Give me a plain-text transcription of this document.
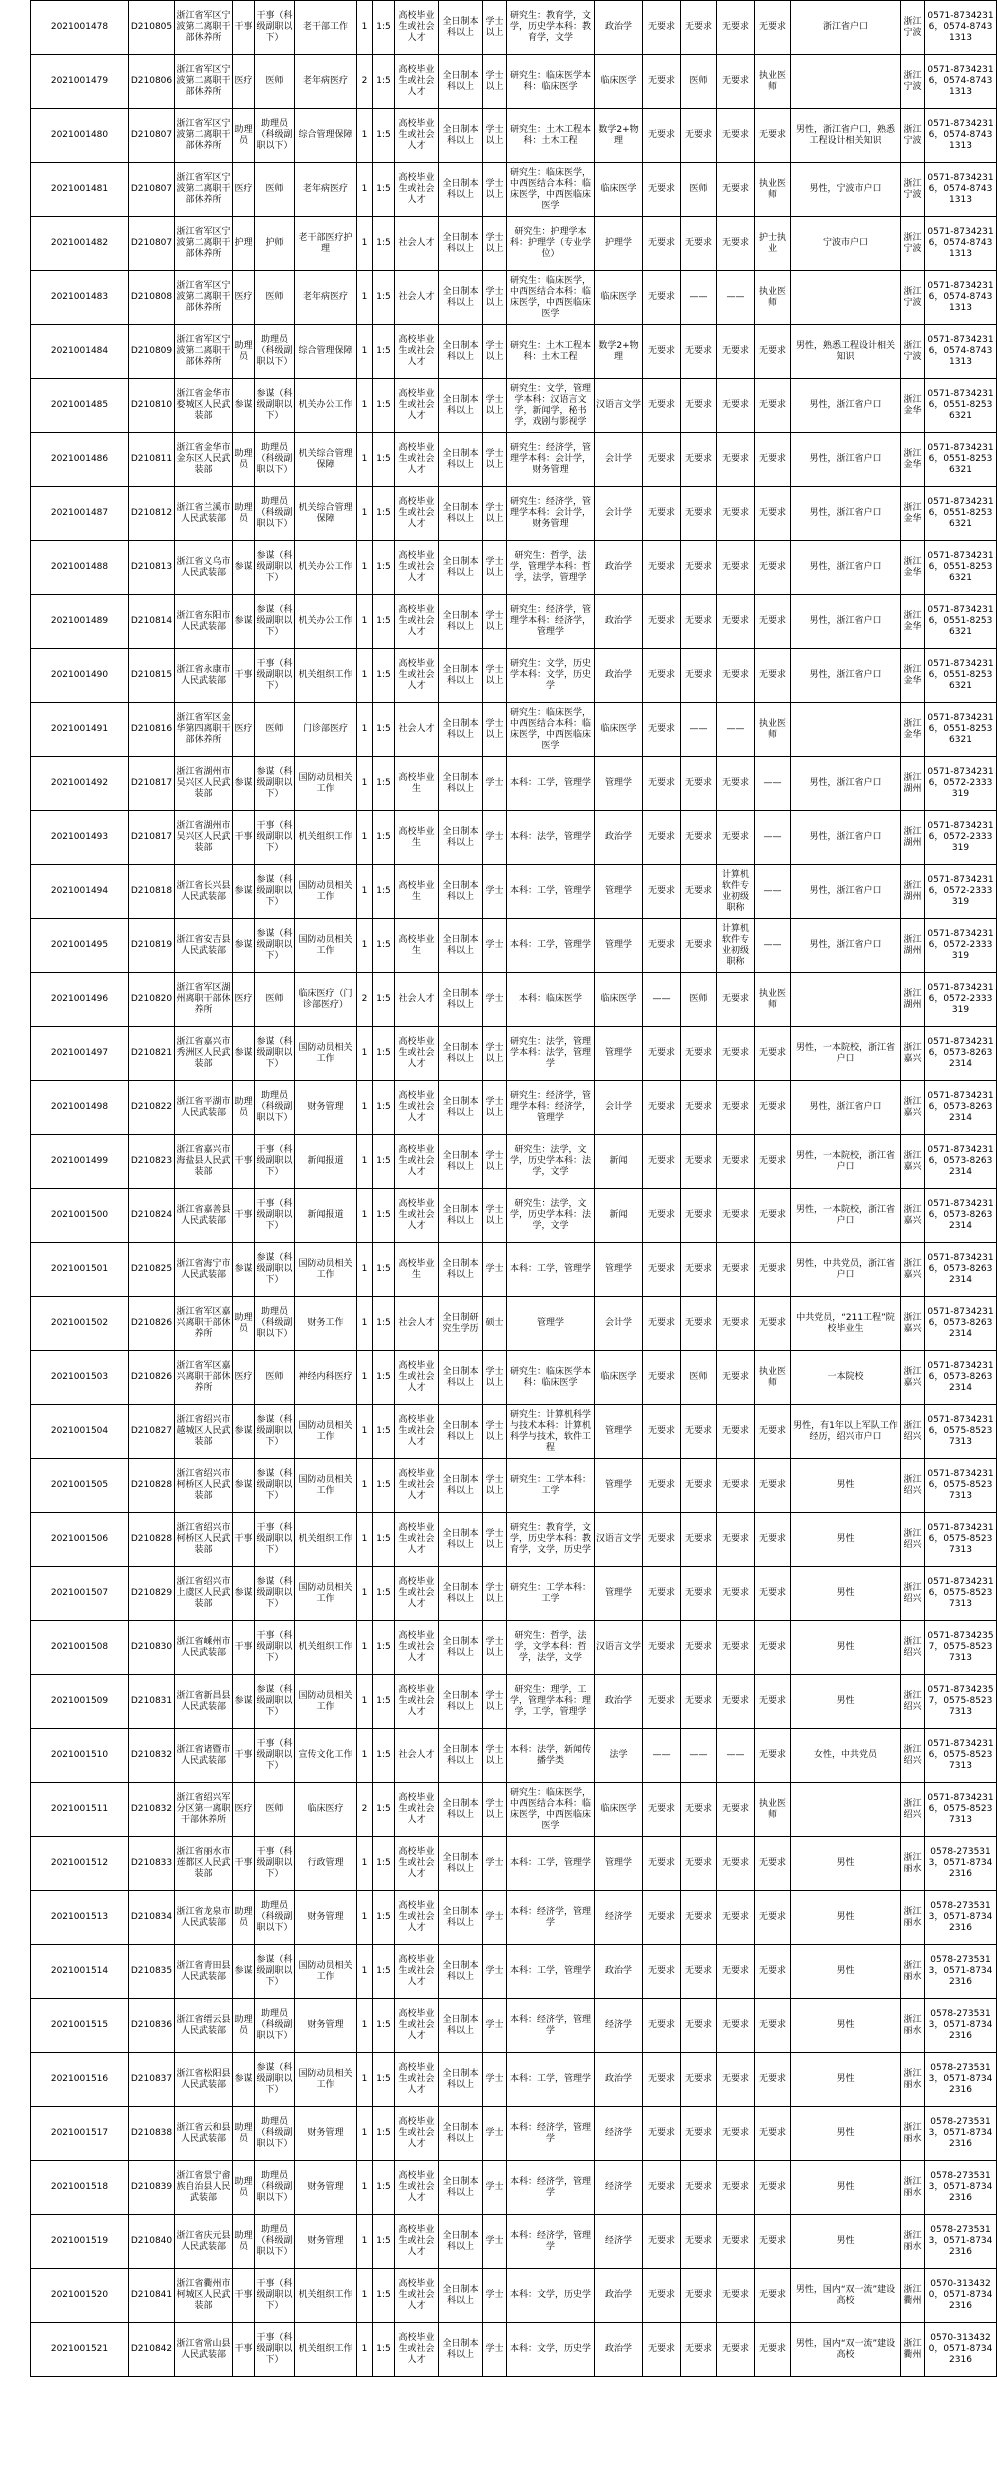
2021001478	D210805	浙江省军区宁波第二离职干部休养所	干事	干事（科级副职以下）	老干部工作	1	1:5	高校毕业生或社会人才	全日制本科以上	学士以上	研究生：教育学，文学，历史学本科：教育学，文学	政治学	无要求	无要求	无要求	无要求	浙江省户口	浙江宁波	0571-87342316，0574-87431313
2021001479	D210806	浙江省军区宁波第二离职干部休养所	医疗	医师	老年病医疗	2	1:5	高校毕业生或社会人才	全日制本科以上	学士以上	研究生：临床医学本科：临床医学	临床医学	无要求	医师	无要求	执业医师		浙江宁波	0571-87342316，0574-87431313
2021001480	D210807	浙江省军区宁波第二离职干部休养所	助理员	助理员（科级副职以下）	综合管理保障	1	1:5	高校毕业生或社会人才	全日制本科以上	学士以上	研究生：土木工程本科：土木工程	数学2+物理	无要求	无要求	无要求	无要求	男性，浙江省户口，熟悉工程设计相关知识	浙江宁波	0571-87342316，0574-87431313
2021001481	D210807	浙江省军区宁波第二离职干部休养所	医疗	医师	老年病医疗	1	1:5	高校毕业生或社会人才	全日制本科以上	学士以上	研究生：临床医学，中西医结合本科：临床医学，中西医临床医学	临床医学	无要求	医师	无要求	执业医师	男性，宁波市户口	浙江宁波	0571-87342316，0574-87431313
2021001482	D210807	浙江省军区宁波第二离职干部休养所	护理	护师	老干部医疗护理	1	1:5	社会人才	全日制本科以上	学士以上	研究生：护理学本科：护理学（专业学位）	护理学	无要求	无要求	无要求	护士执业	宁波市户口	浙江宁波	0571-87342316，0574-87431313
2021001483	D210808	浙江省军区宁波第二离职干部休养所	医疗	医师	老年病医疗	1	1:5	社会人才	全日制本科以上	学士以上	研究生：临床医学，中西医结合本科：临床医学，中西医临床医学	临床医学	无要求	——	——	执业医师		浙江宁波	0571-87342316，0574-87431313
2021001484	D210809	浙江省军区宁波第二离职干部休养所	助理员	助理员（科级副职以下）	综合管理保障	1	1:5	高校毕业生或社会人才	全日制本科以上	学士以上	研究生：土木工程本科：土木工程	数学2+物理	无要求	无要求	无要求	无要求	男性，熟悉工程设计相关知识	浙江宁波	0571-87342316，0574-87431313
2021001485	D210810	浙江省金华市婺城区人民武装部	参谋	参谋（科级副职以下）	机关办公工作	1	1:5	高校毕业生或社会人才	全日制本科以上	学士以上	研究生：文学，管理学本科：汉语言文学，新闻学，秘书学，戏剧与影视学	汉语言文学	无要求	无要求	无要求	无要求	男性，浙江省户口	浙江金华	0571-87342316，0551-82536321
2021001486	D210811	浙江省金华市金东区人民武装部	助理员	助理员（科级副职以下）	机关综合管理保障	1	1:5	高校毕业生或社会人才	全日制本科以上	学士以上	研究生：经济学，管理学本科：会计学，财务管理	会计学	无要求	无要求	无要求	无要求	男性，浙江省户口	浙江金华	0571-87342316，0551-82536321
2021001487	D210812	浙江省兰溪市人民武装部	助理员	助理员（科级副职以下）	机关综合管理保障	1	1:5	高校毕业生或社会人才	全日制本科以上	学士以上	研究生：经济学，管理学本科：会计学，财务管理	会计学	无要求	无要求	无要求	无要求	男性，浙江省户口	浙江金华	0571-87342316，0551-82536321
2021001488	D210813	浙江省义乌市人民武装部	参谋	参谋（科级副职以下）	机关办公工作	1	1:5	高校毕业生或社会人才	全日制本科以上	学士以上	研究生：哲学，法学，管理学本科：哲学，法学，管理学	政治学	无要求	无要求	无要求	无要求	男性，浙江省户口	浙江金华	0571-87342316，0551-82536321
2021001489	D210814	浙江省东阳市人民武装部	参谋	参谋（科级副职以下）	机关办公工作	1	1:5	高校毕业生或社会人才	全日制本科以上	学士以上	研究生：经济学，管理学本科：经济学，管理学	政治学	无要求	无要求	无要求	无要求	男性，浙江省户口	浙江金华	0571-87342316，0551-82536321
2021001490	D210815	浙江省永康市人民武装部	干事	干事（科级副职以下）	机关组织工作	1	1:5	高校毕业生或社会人才	全日制本科以上	学士以上	研究生：文学，历史学本科：文学，历史学	政治学	无要求	无要求	无要求	无要求	男性，浙江省户口	浙江金华	0571-87342316，0551-82536321
2021001491	D210816	浙江省军区金华第四离职干部休养所	医疗	医师	门诊部医疗	1	1:5	社会人才	全日制本科以上	学士以上	研究生：临床医学，中西医结合本科：临床医学，中西医临床医学	临床医学	无要求	——	——	执业医师		浙江金华	0571-87342316，0551-82536321
2021001492	D210817	浙江省湖州市吴兴区人民武装部	参谋	参谋（科级副职以下）	国防动员相关工作	1	1:5	高校毕业生	全日制本科以上	学士	本科：工学，管理学	管理学	无要求	无要求	无要求	——	男性，浙江省户口	浙江湖州	0571-87342316，0572-2333319
2021001493	D210817	浙江省湖州市吴兴区人民武装部	干事	干事（科级副职以下）	机关组织工作	1	1:5	高校毕业生	全日制本科以上	学士	本科：法学，管理学	政治学	无要求	无要求	无要求	——	男性，浙江省户口	浙江湖州	0571-87342316，0572-2333319
2021001494	D210818	浙江省长兴县人民武装部	参谋	参谋（科级副职以下）	国防动员相关工作	1	1:5	高校毕业生	全日制本科以上	学士	本科：工学，管理学	管理学	无要求	无要求	计算机软件专业初级职称	——	男性，浙江省户口	浙江湖州	0571-87342316，0572-2333319
2021001495	D210819	浙江省安吉县人民武装部	参谋	参谋（科级副职以下）	国防动员相关工作	1	1:5	高校毕业生	全日制本科以上	学士	本科：工学，管理学	管理学	无要求	无要求	计算机软件专业初级职称	——	男性，浙江省户口	浙江湖州	0571-87342316，0572-2333319
2021001496	D210820	浙江省军区湖州离职干部休养所	医疗	医师	临床医疗（门诊部医疗）	2	1:5	社会人才	全日制本科以上	学士	本科：临床医学	临床医学	——	医师	无要求	执业医师		浙江湖州	0571-87342316，0572-2333319
2021001497	D210821	浙江省嘉兴市秀洲区人民武装部	参谋	参谋（科级副职以下）	国防动员相关工作	1	1:5	高校毕业生或社会人才	全日制本科以上	学士以上	研究生：法学，管理学本科：法学，管理学	管理学	无要求	无要求	无要求	无要求	男性，一本院校，浙江省户口	浙江嘉兴	0571-87342316，0573-82632314
2021001498	D210822	浙江省平湖市人民武装部	助理员	助理员（科级副职以下）	财务管理	1	1:5	高校毕业生或社会人才	全日制本科以上	学士以上	研究生：经济学，管理学本科：经济学，管理学	会计学	无要求	无要求	无要求	无要求	男性，浙江省户口	浙江嘉兴	0571-87342316，0573-82632314
2021001499	D210823	浙江省嘉兴市海盐县人民武装部	干事	干事（科级副职以下）	新闻报道	1	1:5	高校毕业生或社会人才	全日制本科以上	学士以上	研究生：法学，文学，历史学本科：法学，文学	新闻	无要求	无要求	无要求	无要求	男性，一本院校，浙江省户口	浙江嘉兴	0571-87342316，0573-82632314
2021001500	D210824	浙江省嘉善县人民武装部	干事	干事（科级副职以下）	新闻报道	1	1:5	高校毕业生或社会人才	全日制本科以上	学士以上	研究生：法学，文学，历史学本科：法学，文学	新闻	无要求	无要求	无要求	无要求	男性，一本院校，浙江省户口	浙江嘉兴	0571-87342316，0573-82632314
2021001501	D210825	浙江省海宁市人民武装部	参谋	参谋（科级副职以下）	国防动员相关工作	1	1:5	高校毕业生	全日制本科以上	学士	本科：工学，管理学	管理学	无要求	无要求	无要求	无要求	男性，中共党员，浙江省户口	浙江嘉兴	0571-87342316，0573-82632314
2021001502	D210826	浙江省军区嘉兴离职干部休养所	助理员	助理员（科级副职以下）	财务工作	1	1:5	社会人才	全日制研究生学历	硕士	管理学	会计学	无要求	无要求	无要求	无要求	中共党员，“211工程”院校毕业生	浙江嘉兴	0571-87342316，0573-82632314
2021001503	D210826	浙江省军区嘉兴离职干部休养所	医疗	医师	神经内科医疗	1	1:5	高校毕业生或社会人才	全日制本科以上	学士以上	研究生：临床医学本科：临床医学	临床医学	无要求	医师	无要求	执业医师	一本院校	浙江嘉兴	0571-87342316，0573-82632314
2021001504	D210827	浙江省绍兴市越城区人民武装部	参谋	参谋（科级副职以下）	国防动员相关工作	1	1:5	高校毕业生或社会人才	全日制本科以上	学士以上	研究生：计算机科学与技术本科：计算机科学与技术，软件工程	管理学	无要求	无要求	无要求	无要求	男性，有1年以上军队工作经历，绍兴市户口	浙江绍兴	0571-87342316，0575-85237313
2021001505	D210828	浙江省绍兴市柯桥区人民武装部	参谋	参谋（科级副职以下）	国防动员相关工作	1	1:5	高校毕业生或社会人才	全日制本科以上	学士以上	研究生：工学本科：工学	管理学	无要求	无要求	无要求	无要求	男性	浙江绍兴	0571-87342316，0575-85237313
2021001506	D210828	浙江省绍兴市柯桥区人民武装部	干事	干事（科级副职以下）	机关组织工作	1	1:5	高校毕业生或社会人才	全日制本科以上	学士以上	研究生：教育学，文学，历史学本科：教育学，文学，历史学	汉语言文学	无要求	无要求	无要求	无要求	男性	浙江绍兴	0571-87342316，0575-85237313
2021001507	D210829	浙江省绍兴市上虞区人民武装部	参谋	参谋（科级副职以下）	国防动员相关工作	1	1:5	高校毕业生或社会人才	全日制本科以上	学士以上	研究生：工学本科：工学	管理学	无要求	无要求	无要求	无要求	男性	浙江绍兴	0571-87342316，0575-85237313
2021001508	D210830	浙江省嵊州市人民武装部	干事	干事（科级副职以下）	机关组织工作	1	1:5	高校毕业生或社会人才	全日制本科以上	学士以上	研究生：哲学，法学，文学本科：哲学，法学，文学	汉语言文学	无要求	无要求	无要求	无要求	男性	浙江绍兴	0571-87342357，0575-85237313
2021001509	D210831	浙江省新昌县人民武装部	参谋	参谋（科级副职以下）	国防动员相关工作	1	1:5	高校毕业生或社会人才	全日制本科以上	学士以上	研究生：理学，工学，管理学本科：理学，工学，管理学	政治学	无要求	无要求	无要求	无要求	男性	浙江绍兴	0571-87342357，0575-85237313
2021001510	D210832	浙江省诸暨市人民武装部	干事	干事（科级副职以下）	宣传文化工作	1	1:5	社会人才	全日制本科以上	学士以上	本科：法学，新闻传播学类	法学	——	——	——	无要求	女性，中共党员	浙江绍兴	0571-87342316，0575-85237313
2021001511	D210832	浙江省绍兴军分区第一离职干部休养所	医疗	医师	临床医疗	2	1:5	高校毕业生或社会人才	全日制本科以上	学士以上	研究生：临床医学，中西医结合本科：临床医学，中西医临床医学	临床医学	无要求	无要求	无要求	执业医师		浙江绍兴	0571-87342316，0575-85237313
2021001512	D210833	浙江省丽水市莲都区人民武装部	干事	干事（科级副职以下）	行政管理	1	1:5	高校毕业生或社会人才	全日制本科以上	学士	本科：工学，管理学	管理学	无要求	无要求	无要求	无要求	男性	浙江丽水	0578-2735313，0571-87342316
2021001513	D210834	浙江省龙泉市人民武装部	助理员	助理员（科级副职以下）	财务管理	1	1:5	高校毕业生或社会人才	全日制本科以上	学士	本科：经济学，管理学	经济学	无要求	无要求	无要求	无要求	男性	浙江丽水	0578-2735313，0571-87342316
2021001514	D210835	浙江省青田县人民武装部	参谋	参谋（科级副职以下）	国防动员相关工作	1	1:5	高校毕业生或社会人才	全日制本科以上	学士	本科：工学，管理学	政治学	无要求	无要求	无要求	无要求	男性	浙江丽水	0578-2735313，0571-87342316
2021001515	D210836	浙江省缙云县人民武装部	助理员	助理员（科级副职以下）	财务管理	1	1:5	高校毕业生或社会人才	全日制本科以上	学士	本科：经济学，管理学	经济学	无要求	无要求	无要求	无要求	男性	浙江丽水	0578-2735313，0571-87342316
2021001516	D210837	浙江省松阳县人民武装部	参谋	参谋（科级副职以下）	国防动员相关工作	1	1:5	高校毕业生或社会人才	全日制本科以上	学士	本科：工学，管理学	政治学	无要求	无要求	无要求	无要求	男性	浙江丽水	0578-2735313，0571-87342316
2021001517	D210838	浙江省云和县人民武装部	助理员	助理员（科级副职以下）	财务管理	1	1:5	高校毕业生或社会人才	全日制本科以上	学士	本科：经济学，管理学	经济学	无要求	无要求	无要求	无要求	男性	浙江丽水	0578-2735313，0571-87342316
2021001518	D210839	浙江省景宁畲族自治县人民武装部	助理员	助理员（科级副职以下）	财务管理	1	1:5	高校毕业生或社会人才	全日制本科以上	学士	本科：经济学，管理学	经济学	无要求	无要求	无要求	无要求	男性	浙江丽水	0578-2735313，0571-87342316
2021001519	D210840	浙江省庆元县人民武装部	助理员	助理员（科级副职以下）	财务管理	1	1:5	高校毕业生或社会人才	全日制本科以上	学士	本科：经济学，管理学	经济学	无要求	无要求	无要求	无要求	男性	浙江丽水	0578-2735313，0571-87342316
2021001520	D210841	浙江省衢州市柯城区人民武装部	干事	干事（科级副职以下）	机关组织工作	1	1:5	高校毕业生或社会人才	全日制本科以上	学士	本科：文学，历史学	政治学	无要求	无要求	无要求	无要求	男性，国内“双一流”建设高校	浙江衢州	0570-3134320，0571-87342316
2021001521	D210842	浙江省常山县人民武装部	干事	干事（科级副职以下）	机关组织工作	1	1:5	高校毕业生或社会人才	全日制本科以上	学士	本科：文学，历史学	政治学	无要求	无要求	无要求	无要求	男性，国内“双一流”建设高校	浙江衢州	0570-3134320，0571-87342316
